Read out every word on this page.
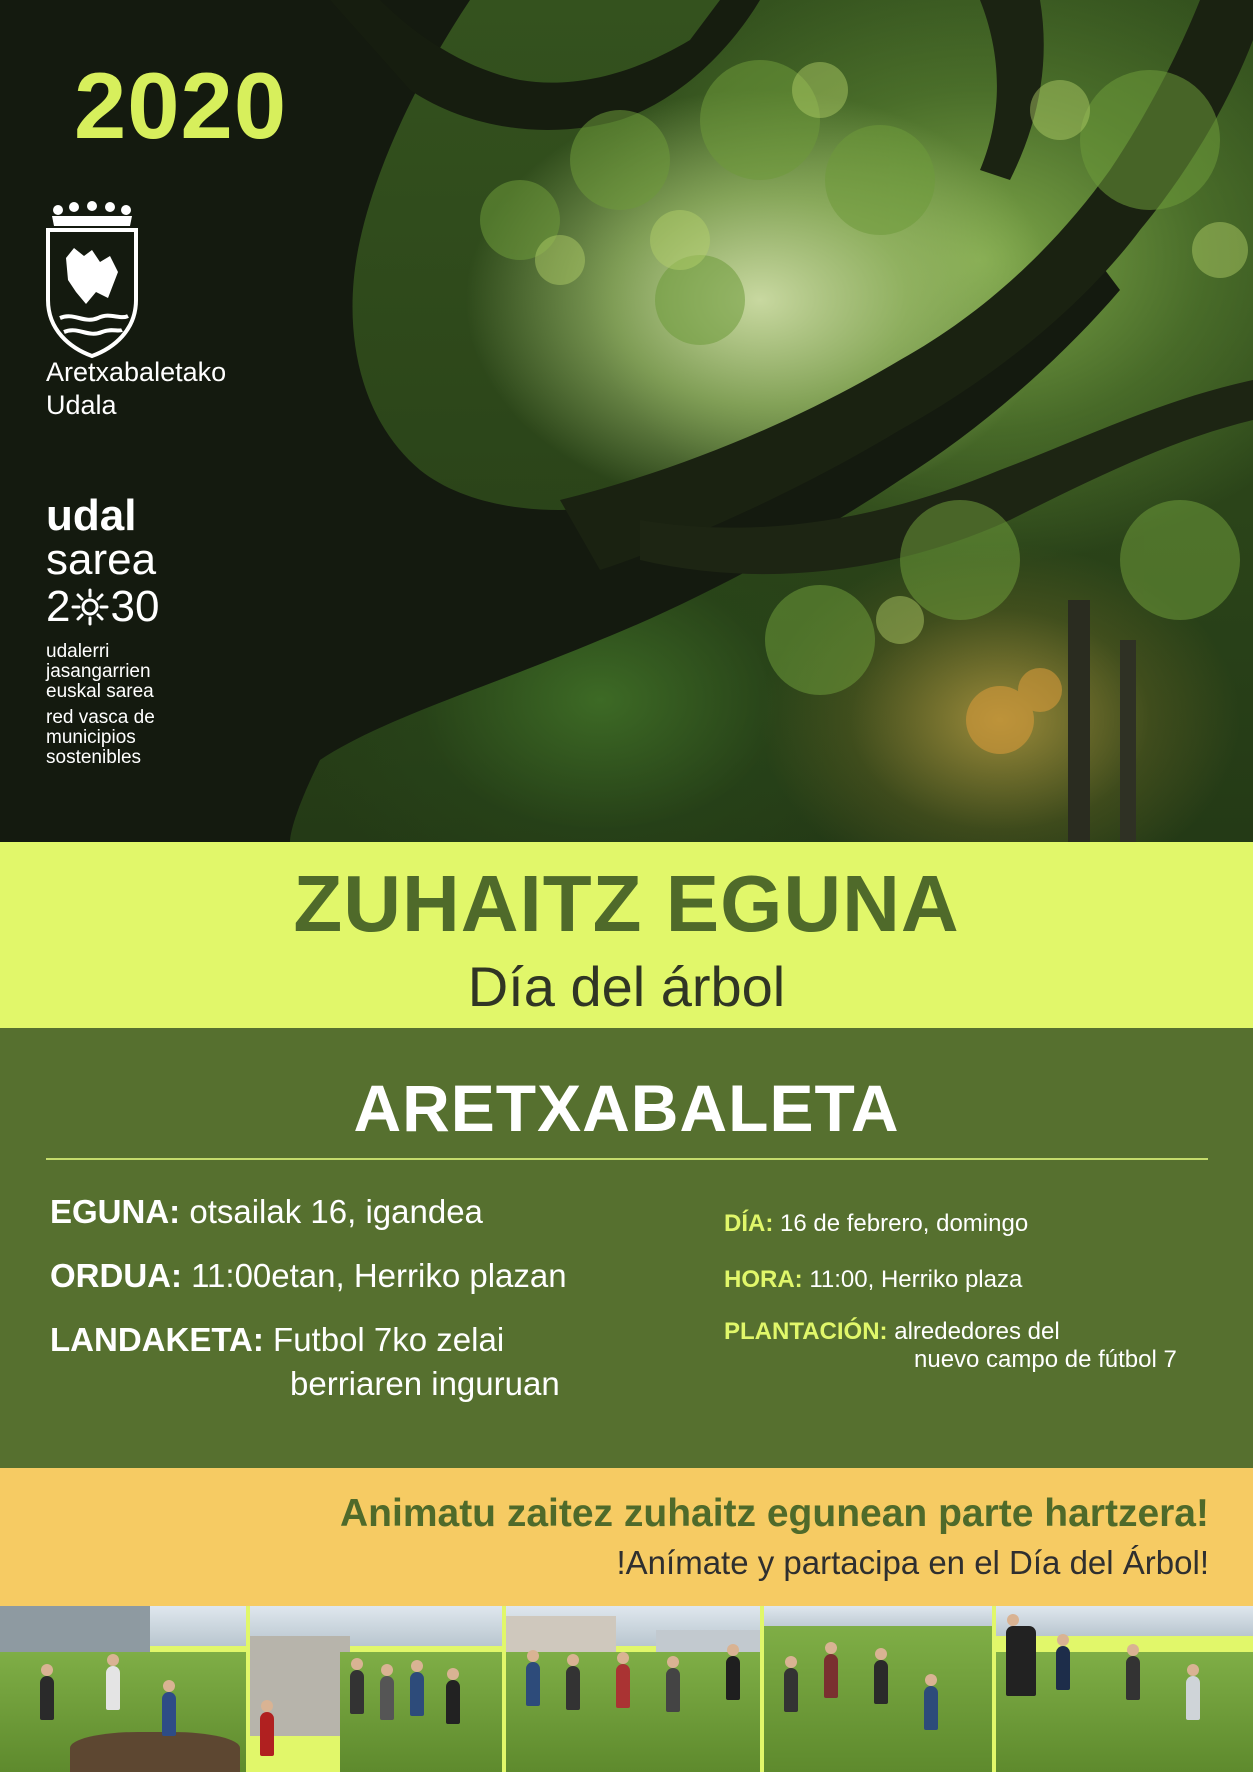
2020
Aretxabaletako
Udala
udal
sarea
2 30
udalerri
jasangarrien
euskal sarea
red vasca de
municipios
sostenibles
ZUHAITZ EGUNA
Día del árbol
ARETXABALETA
EGUNA: otsailak 16, igandea
ORDUA: 11:00etan, Herriko plazan
LANDAKETA: Futbol 7ko zelai
berriaren inguruan
DÍA: 16 de febrero, domingo
HORA: 11:00, Herriko plaza
PLANTACIÓN: alrededores del
nuevo campo de fútbol 7
Animatu zaitez zuhaitz egunean parte hartzera!
!Anímate y partacipa en el Día del Árbol!
